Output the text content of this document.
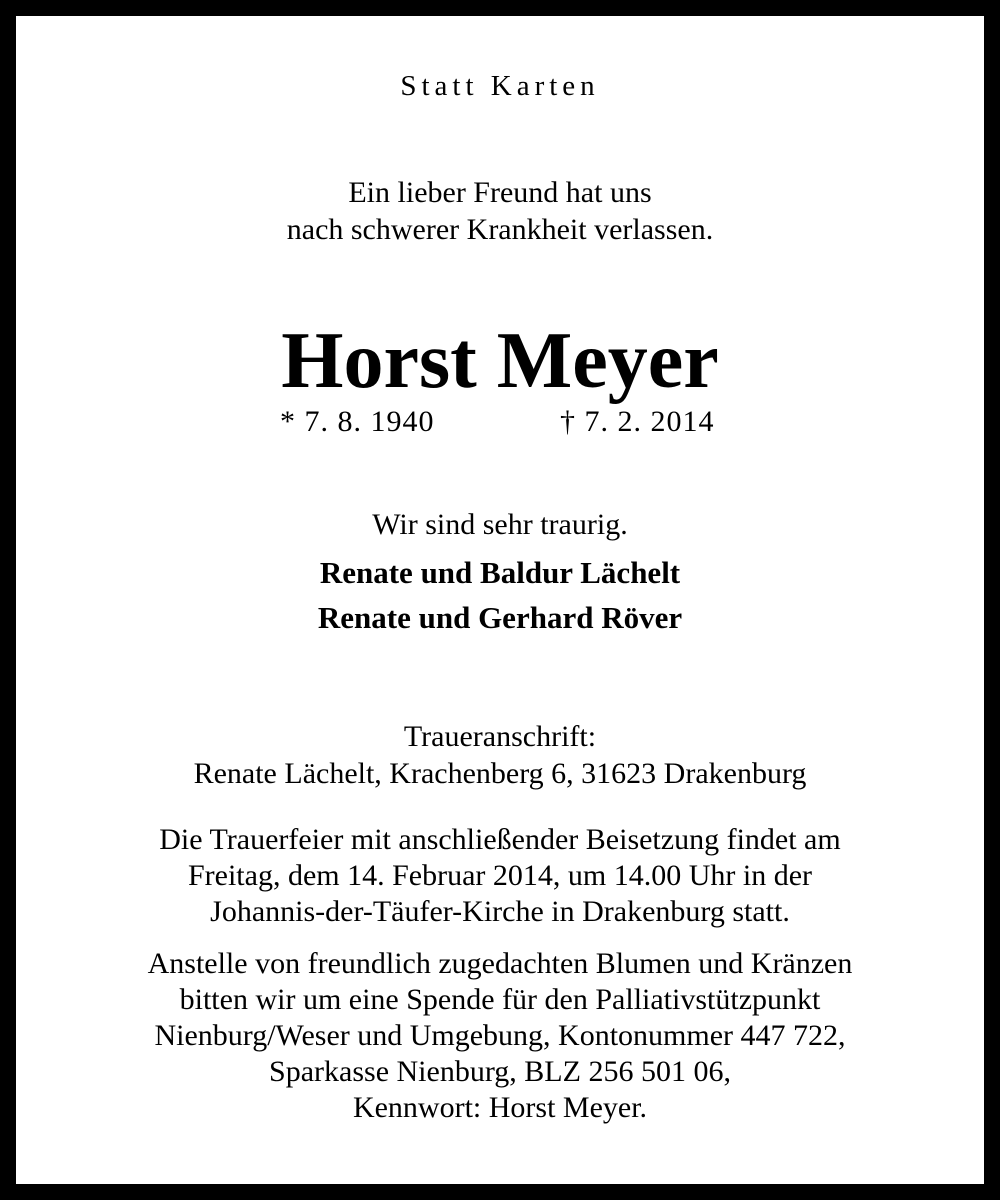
Statt Karten
Ein lieber Freund hat uns
nach schwerer Krankheit verlassen.
Horst Meyer
* 7. 8. 1940	† 7. 2. 2014
Wir sind sehr traurig.
Renate und Baldur Lächelt
Renate und Gerhard Röver
Traueranschrift:
Renate Lächelt, Krachenberg 6, 31623 Drakenburg
Die Trauerfeier mit anschließender Beisetzung findet am
Freitag, dem 14. Februar 2014, um 14.00 Uhr in der
Johannis-der-Täufer-Kirche in Drakenburg statt.
Anstelle von freundlich zugedachten Blumen und Kränzen
bitten wir um eine Spende für den Palliativstützpunkt
Nienburg/Weser und Umgebung, Kontonummer 447 722,
Sparkasse Nienburg, BLZ 256 501 06,
Kennwort: Horst Meyer.
